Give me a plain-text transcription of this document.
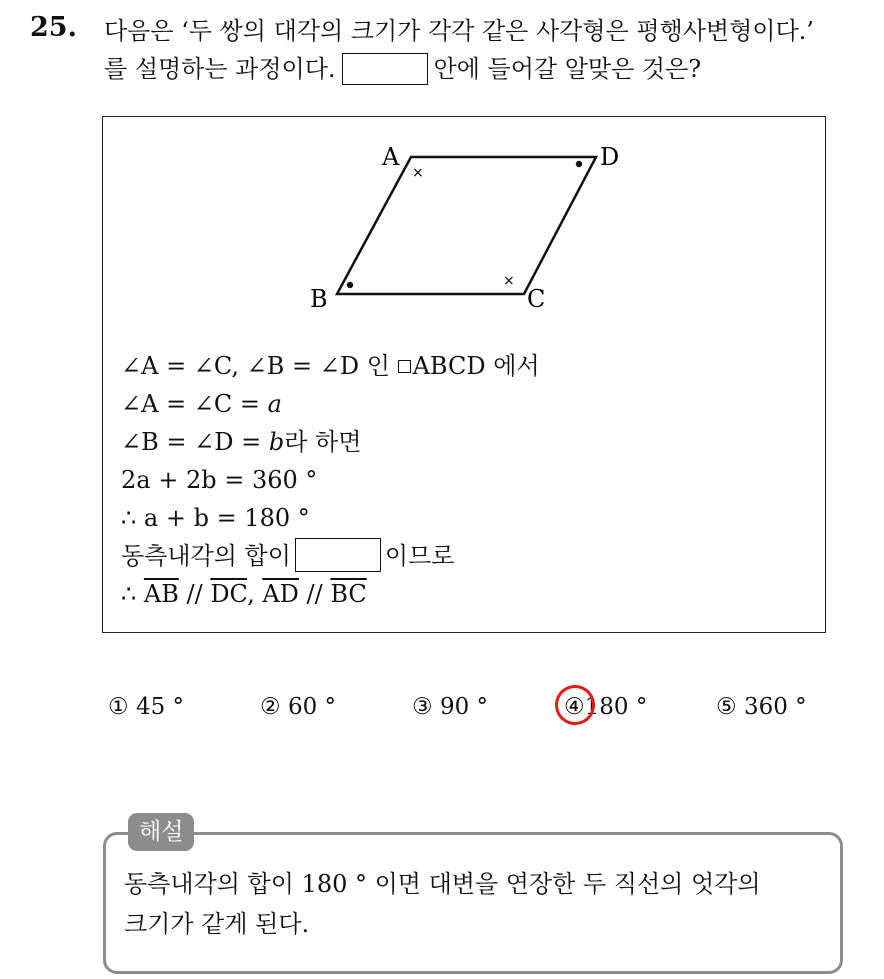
25. 다음은 ‘두 쌍의 대각의 크기가 각각 같은 사각형은 평행사변형이다.’
를 설명하는 과정이다.	안에 들어갈 알맞은 것은?
A	D
B	C
×
×
∠A = ∠C, ∠B = ∠D 인 ABCD 에서
∠A = ∠C = a
∠B = ∠D = b라 하면
2a + 2b = 360 °
∴ a + b = 180 °
동측내각의 합이	이므로
∴ $\overline{AB} // \overline{DC}$, $\overline{AD} // \overline{BC}$
① 45 °	② 60 °	③ 90 °	④180 °	⑤ 360 °
해설
동측내각의 합이 180 ° 이면 대변을 연장한 두 직선의 엇각의
크기가 같게 된다.
